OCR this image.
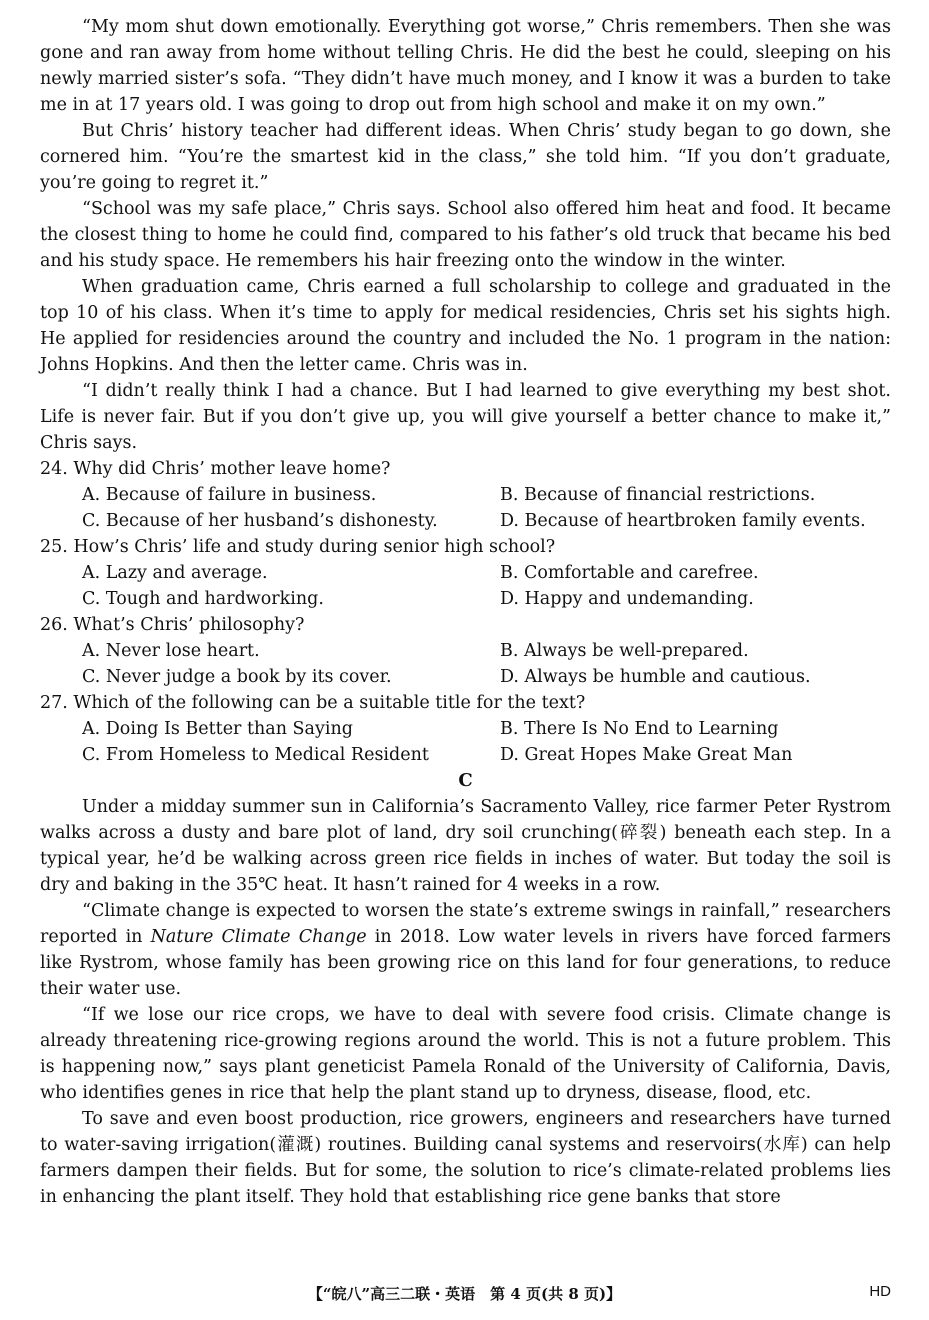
“My mom shut down emotionally. Everything got worse,” Chris remembers. Then she was gone and ran away from home without telling Chris. He did the best he could, sleeping on his newly married sister’s sofa. “They didn’t have much money, and I know it was a burden to take me in at 17 years old. I was going to drop out from high school and make it on my own.”

But Chris’ history teacher had different ideas. When Chris’ study began to go down, she cornered him. “You’re the smartest kid in the class,” she told him. “If you don’t graduate, you’re going to regret it.”

“School was my safe place,” Chris says. School also offered him heat and food. It became the closest thing to home he could find, compared to his father’s old truck that became his bed and his study space. He remembers his hair freezing onto the window in the winter.

When graduation came, Chris earned a full scholarship to college and graduated in the top 10 of his class. When it’s time to apply for medical residencies, Chris set his sights high. He applied for residencies around the country and included the No. 1 program in the nation: Johns Hopkins. And then the letter came. Chris was in.

“I didn’t really think I had a chance. But I had learned to give everything my best shot. Life is never fair. But if you don’t give up, you will give yourself a better chance to make it,” Chris says.

24. Why did Chris’ mother leave home?

A. Because of failure in business.	B. Because of financial restrictions.
C. Because of her husband’s dishonesty.	D. Because of heartbroken family events.

25. How’s Chris’ life and study during senior high school?

A. Lazy and average.	B. Comfortable and carefree.
C. Tough and hardworking.	D. Happy and undemanding.

26. What’s Chris’ philosophy?

A. Never lose heart.	B. Always be well-prepared.
C. Never judge a book by its cover.	D. Always be humble and cautious.

27. Which of the following can be a suitable title for the text?

A. Doing Is Better than Saying	B. There Is No End to Learning
C. From Homeless to Medical Resident	D. Great Hopes Make Great Man

C

Under a midday summer sun in California’s Sacramento Valley, rice farmer Peter Rystrom walks across a dusty and bare plot of land, dry soil crunching(碎裂) beneath each step. In a typical year, he’d be walking across green rice fields in inches of water. But today the soil is dry and baking in the 35℃ heat. It hasn’t rained for 4 weeks in a row.

“Climate change is expected to worsen the state’s extreme swings in rainfall,” researchers reported in Nature Climate Change in 2018. Low water levels in rivers have forced farmers like Rystrom, whose family has been growing rice on this land for four generations, to reduce their water use.

“If we lose our rice crops, we have to deal with severe food crisis. Climate change is already threatening rice-growing regions around the world. This is not a future problem. This is happening now,” says plant geneticist Pamela Ronald of the University of California, Davis, who identifies genes in rice that help the plant stand up to dryness, disease, flood, etc.

To save and even boost production, rice growers, engineers and researchers have turned to water-saving irrigation(灌溉) routines. Building canal systems and reservoirs(水库) can help farmers dampen their fields. But for some, the solution to rice’s climate-related problems lies in enhancing the plant itself. They hold that establishing rice gene banks that store

【“皖八”高三二联・英语　第 4 页(共 8 页)】	HD
